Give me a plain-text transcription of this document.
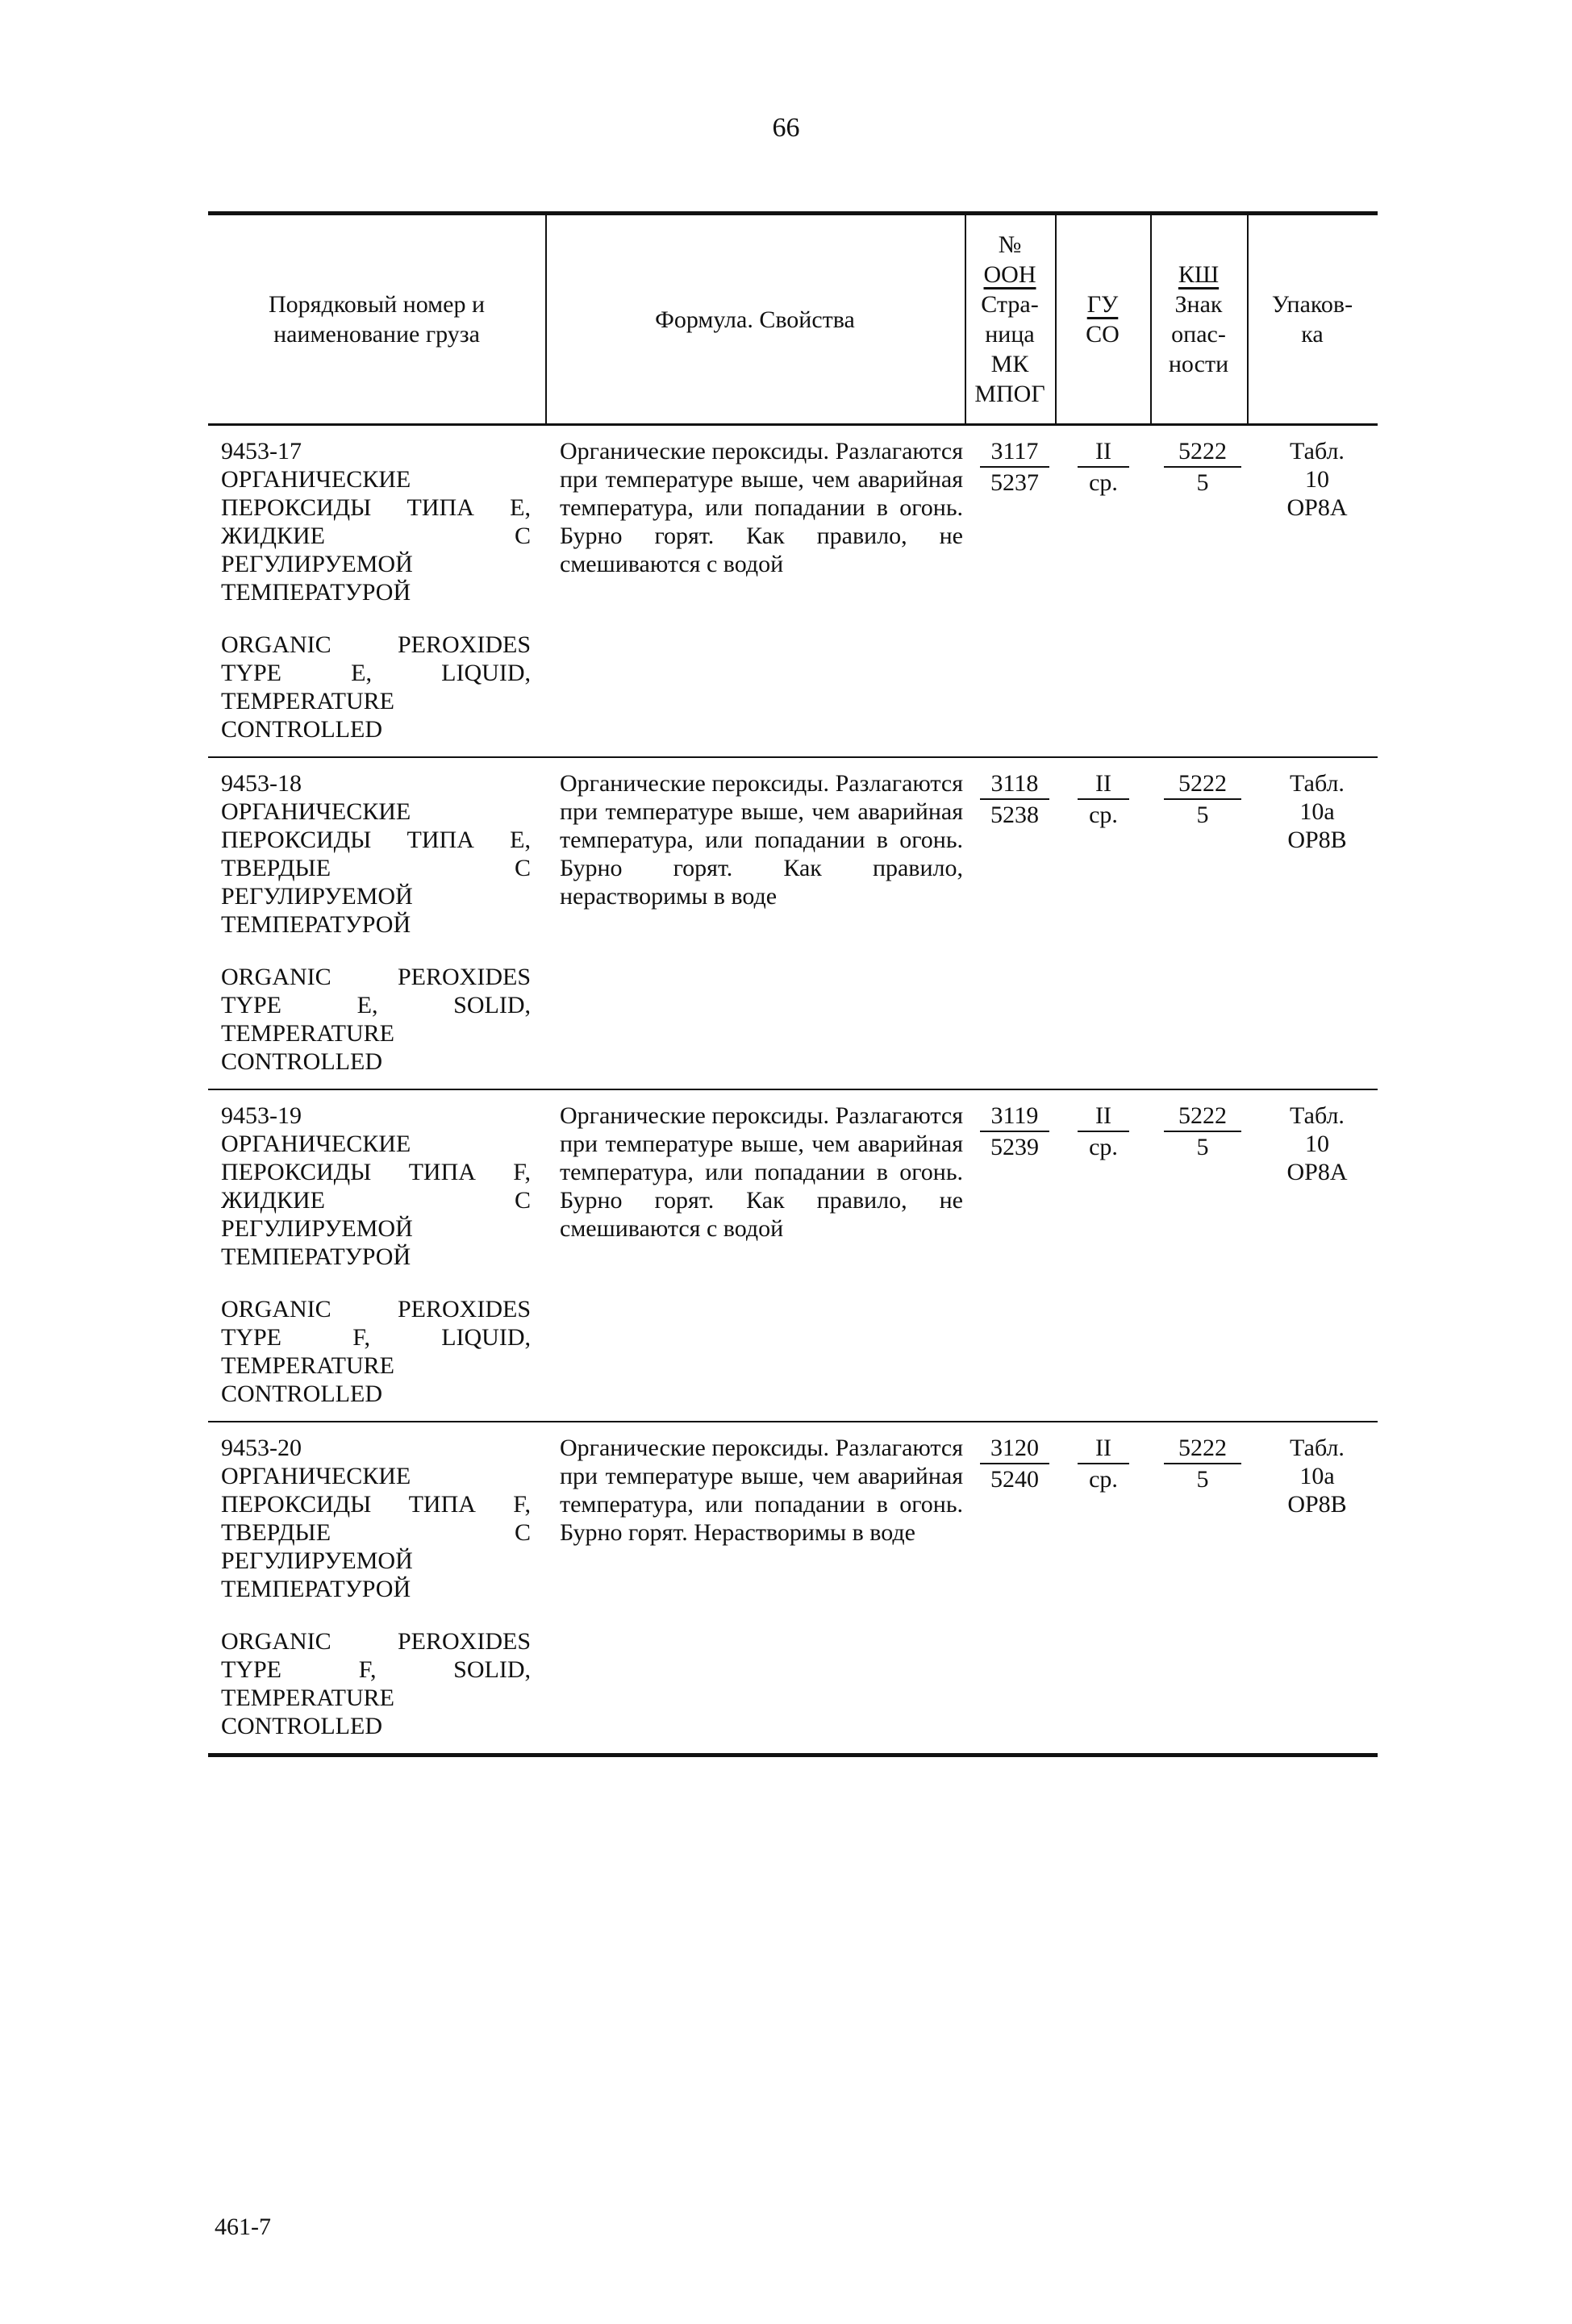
66
Порядковый номер и
наименование груза
Формула. Свойства
№
ООН
Стра-
ница
МК
МПОГ
ГУ
СО
КШ
Знак
опас-
ности
Упаков-
ка
9453-17
ОРГАНИЧЕСКИЕ ПЕРОКСИДЫ ТИПА Е, ЖИДКИЕ С РЕГУЛИРУЕМОЙ ТЕМПЕРАТУРОЙ
ORGANIC PEROXIDES TYPE E, LIQUID, TEMPERATURE CONTROLLED
Органические пероксиды. Разлагаются при температуре выше, чем аварийная температура, или попадании в огонь. Бурно горят. Как правило, не смешиваются с водой
3117
5237
II
ср.
5222
5
Табл.
10
ОР8А
9453-18
ОРГАНИЧЕСКИЕ ПЕРОКСИДЫ ТИПА Е, ТВЕРДЫЕ С РЕГУЛИРУЕМОЙ ТЕМПЕРАТУРОЙ
ORGANIC PEROXIDES TYPE E, SOLID, TEMPERATURE CONTROLLED
Органические пероксиды. Разлагаются при температуре выше, чем аварийная температура, или попадании в огонь. Бурно горят. Как правило, нерастворимы в воде
3118
5238
II
ср.
5222
5
Табл.
10а
ОР8В
9453-19
ОРГАНИЧЕСКИЕ ПЕРОКСИДЫ ТИПА F, ЖИДКИЕ С РЕГУЛИРУЕМОЙ ТЕМПЕРАТУРОЙ
ORGANIC PEROXIDES TYPE F, LIQUID, TEMPERATURE CONTROLLED
Органические пероксиды. Разлагаются при температуре выше, чем аварийная температура, или попадании в огонь. Бурно горят. Как правило, не смешиваются с водой
3119
5239
II
ср.
5222
5
Табл.
10
ОР8А
9453-20
ОРГАНИЧЕСКИЕ ПЕРОКСИДЫ ТИПА F, ТВЕРДЫЕ С РЕГУЛИРУЕМОЙ ТЕМПЕРАТУРОЙ
ORGANIC PEROXIDES TYPE F, SOLID, TEMPERATURE CONTROLLED
Органические пероксиды. Разлагаются при температуре выше, чем аварийная температура, или попадании в огонь. Бурно горят. Нерастворимы в воде
3120
5240
II
ср.
5222
5
Табл.
10а
ОР8В
461-7
